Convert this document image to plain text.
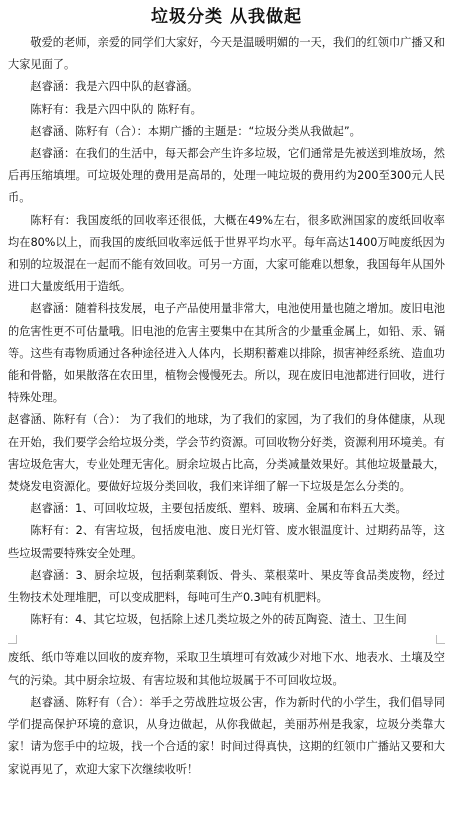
垃圾分类 从我做起

敬爱的老师，亲爱的同学们大家好，今天是温暖明媚的一天，我们的红领巾广播又和大家见面了。

赵睿涵：我是六四中队的赵睿涵。

陈籽有：我是六四中队的 陈籽有。

赵睿涵、陈籽有（合）：本期广播的主题是：“垃圾分类从我做起”。

赵睿涵：在我们的生活中，每天都会产生许多垃圾，它们通常是先被送到堆放场，然后再压缩填埋。可垃圾处理的费用是高昂的，处理一吨垃圾的费用约为200至300元人民币。

陈籽有：我国废纸的回收率还很低，大概在49%左右，很多欧洲国家的废纸回收率均在80%以上，而我国的废纸回收率远低于世界平均水平。每年高达1400万吨废纸因为和别的垃圾混在一起而不能有效回收。可另一方面，大家可能难以想象，我国每年从国外进口大量废纸用于造纸。

赵睿涵：随着科技发展，电子产品使用量非常大，电池使用量也随之增加。废旧电池的危害性更不可估量哦。旧电池的危害主要集中在其所含的少量重金属上，如铅、汞、镉等。这些有毒物质通过各种途径进入人体内，长期积蓄难以排除，损害神经系统、造血功能和骨骼，如果散落在农田里，植物会慢慢死去。所以，现在废旧电池都进行回收，进行特殊处理。

赵睿涵、陈籽有（合）： 为了我们的地球，为了我们的家园，为了我们的身体健康，从现在开始，我们要学会给垃圾分类，学会节约资源。可回收物分好类，资源利用环境美。有害垃圾危害大，专业处理无害化。厨余垃圾占比高，分类减量效果好。其他垃圾量最大，焚烧发电资源化。要做好垃圾分类回收，我们来详细了解一下垃圾是怎么分类的。

赵睿涵：1、可回收垃圾，主要包括废纸、塑料、玻璃、金属和布料五大类。

陈籽有：2、有害垃圾，包括废电池、废日光灯管、废水银温度计、过期药品等，这些垃圾需要特殊安全处理。

赵睿涵：3、厨余垃圾，包括剩菜剩饭、骨头、菜根菜叶、果皮等食品类废物，经过生物技术处理堆肥，可以变成肥料，每吨可生产0.3吨有机肥料。

陈籽有：4、其它垃圾，包括除上述几类垃圾之外的砖瓦陶瓷、渣土、卫生间

废纸、纸巾等难以回收的废弃物，采取卫生填埋可有效减少对地下水、地表水、土壤及空气的污染。其中厨余垃圾、有害垃圾和其他垃圾属于不可回收垃圾。

赵睿涵、陈籽有（合）：举手之劳战胜垃圾公害，作为新时代的小学生，我们倡导同学们提高保护环境的意识，从身边做起，从你我做起，美丽苏州是我家，垃圾分类靠大家！请为您手中的垃圾，找一个合适的家！时间过得真快，这期的红领巾广播站又要和大家说再见了，欢迎大家下次继续收听！
